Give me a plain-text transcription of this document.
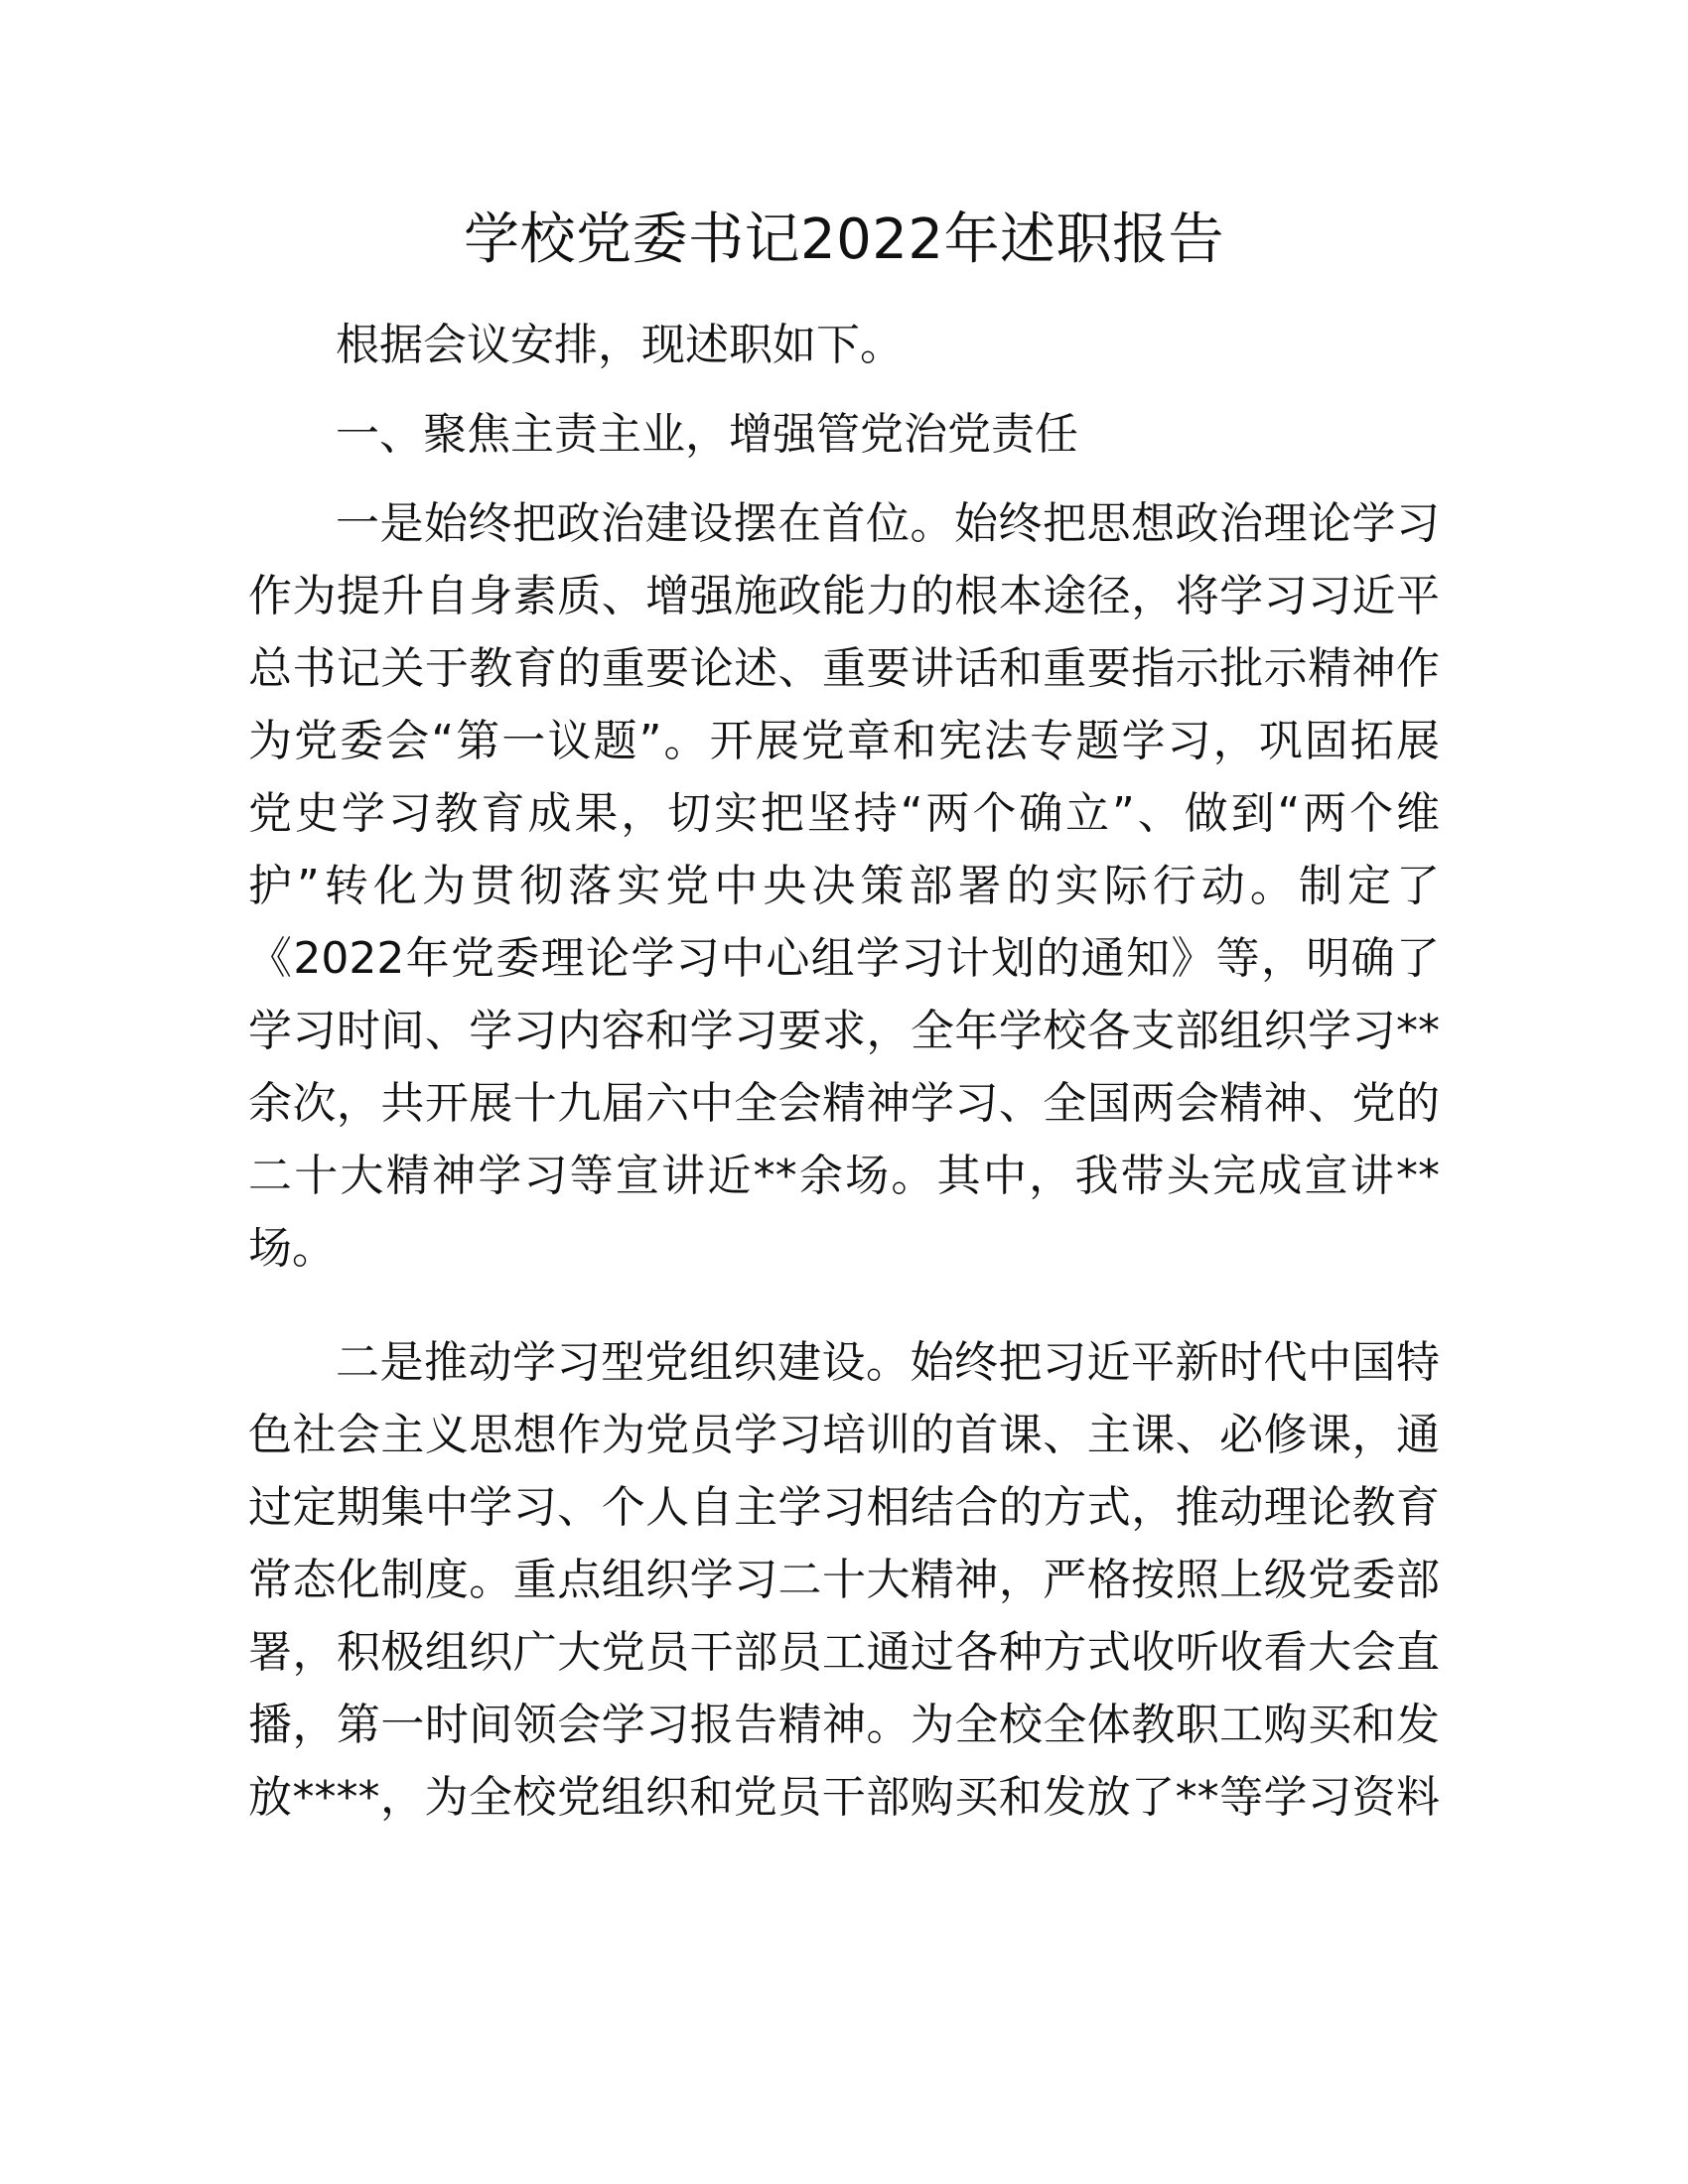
学校党委书记2022年述职报告

根据会议安排，现述职如下。

一、聚焦主责主业，增强管党治党责任

一是始终把政治建设摆在首位。始终把思想政治理论学习

作为提升自身素质、增强施政能力的根本途径，将学习习近平

总书记关于教育的重要论述、重要讲话和重要指示批示精神作

为党委会“第一议题”。开展党章和宪法专题学习，巩固拓展

党史学习教育成果，切实把坚持“两个确立”、做到“两个维

护”转化为贯彻落实党中央决策部署的实际行动。制定了

《2022年党委理论学习中心组学习计划的通知》等，明确了

学习时间、学习内容和学习要求，全年学校各支部组织学习**

余次，共开展十九届六中全会精神学习、全国两会精神、党的

二十大精神学习等宣讲近**余场。其中，我带头完成宣讲**

场。

二是推动学习型党组织建设。始终把习近平新时代中国特

色社会主义思想作为党员学习培训的首课、主课、必修课，通

过定期集中学习、个人自主学习相结合的方式，推动理论教育

常态化制度。重点组织学习二十大精神，严格按照上级党委部

署，积极组织广大党员干部员工通过各种方式收听收看大会直

播，第一时间领会学习报告精神。为全校全体教职工购买和发

放****，为全校党组织和党员干部购买和发放了**等学习资料
